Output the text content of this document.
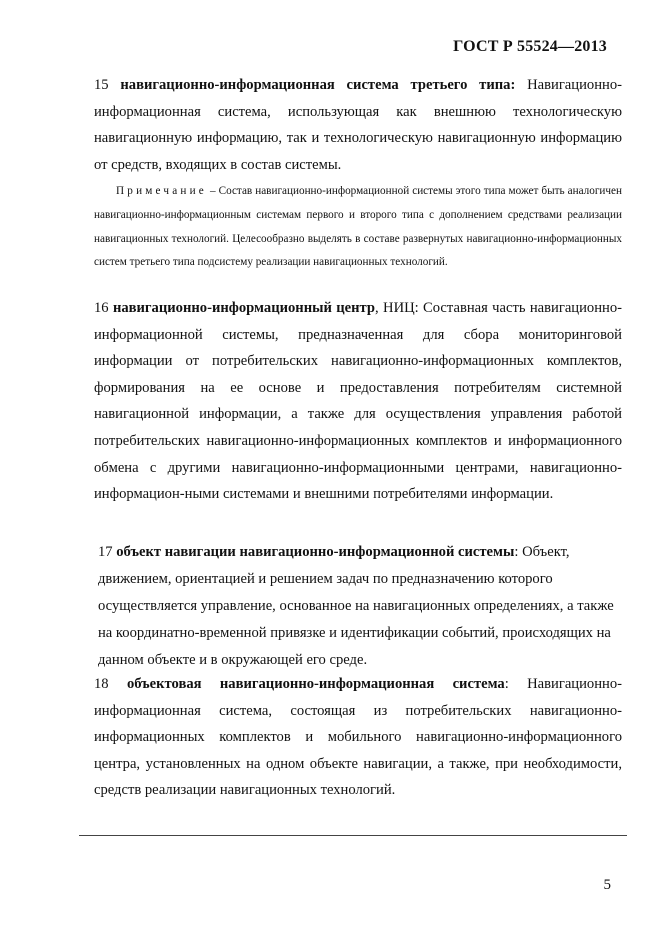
ГОСТ Р 55524—2013

15 навигационно-информационная система третьего типа: Навигационно-информационная система, использующая как внешнюю технологическую навигационную информацию, так и технологическую навигационную информацию от средств, входящих в состав системы.

Примечание – Состав навигационно-информационной системы этого типа может быть аналогичен навигационно-информационным системам первого и второго типа с дополнением средствами реализации навигационных технологий. Целесообразно выделять в составе развернутых навигационно-информационных систем третьего типа подсистему реализации навигационных технологий.

16 навигационно-информационный центр, НИЦ: Составная часть навигационно-информационной системы, предназначенная для сбора мониторинговой информации от потребительских навигационно-информационных комплектов, формирования на ее основе и предоставления потребителям системной навигационной информации, а также для осуществления управления работой потребительских навигационно-информационных комплектов и информационного обмена с другими навигационно-информационными центрами, навигационно-информацион-ными системами и внешними потребителями информации.

17 объект навигации навигационно-информационной системы: Объект, движением, ориентацией и решением задач по предназначению которого осуществляется управление, основанное на навигационных определениях, а также на координатно-временной привязке и идентификации событий, происходящих на данном объекте и в окружающей его среде.

18 объектовая навигационно-информационная система: Навигационно-информационная система, состоящая из потребительских навигационно-информационных комплектов и мобильного навигационно-информационного центра, установленных на одном объекте навигации, а также, при необходимости, средств реализации навигационных технологий.

5
